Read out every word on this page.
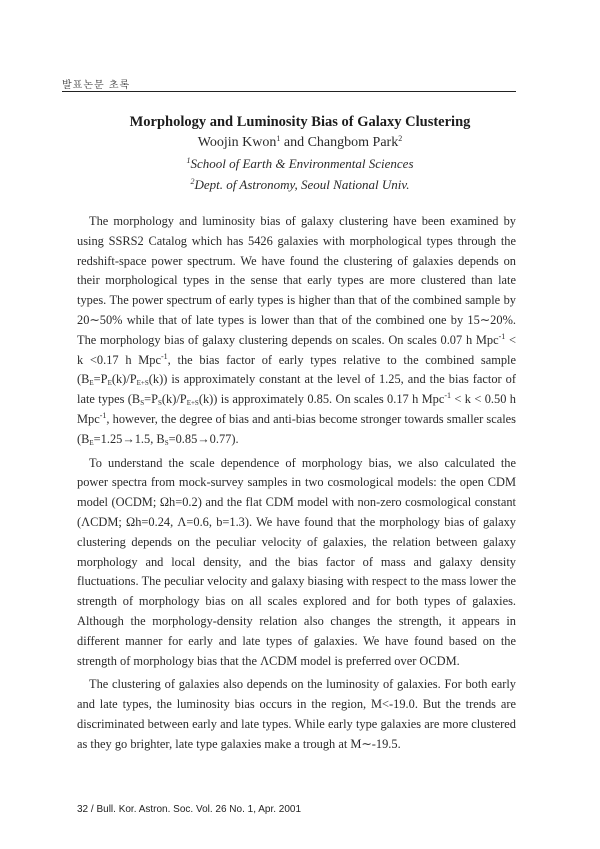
발표논문 초록
Morphology and Luminosity Bias of Galaxy Clustering
Woojin Kwon$^1$ and Changbom Park$^2$
$^1$School of Earth & Environmental Sciences
$^2$Dept. of Astronomy, Seoul National Univ.

The morphology and luminosity bias of galaxy clustering have been examined by using SSRS2 Catalog which has 5426 galaxies with morphological types through the redshift-space power spectrum. We have found the clustering of galaxies depends on their morphological types in the sense that early types are more clustered than late types. The power spectrum of early types is higher than that of the combined sample by 20∼50% while that of late types is lower than that of the combined one by 15∼20%. The morphology bias of galaxy clustering depends on scales. On scales 0.07 h Mpc$^{-1}$ < k <0.17 h Mpc$^{-1}$, the bias factor of early types relative to the combined sample $(B_E=P_E(k)/P_{E+S}(k))$ is approximately constant at the level of 1.25, and the bias factor of late types $(B_S=P_S(k)/P_{E+S}(k))$ is approximately 0.85. On scales 0.17 h Mpc$^{-1}$ < k < 0.50 h Mpc$^{-1}$, however, the degree of bias and anti-bias become stronger towards smaller scales ($B_E=1.25\to 1.5$, $B_S=0.85\to 0.77$).

To understand the scale dependence of morphology bias, we also calculated the power spectra from mock-survey samples in two cosmological models: the open CDM model (OCDM; Ωh=0.2) and the flat CDM model with non-zero cosmological constant (ΛCDM; Ωh=0.24, Λ=0.6, b=1.3). We have found that the morphology bias of galaxy clustering depends on the peculiar velocity of galaxies, the relation between galaxy morphology and local density, and the bias factor of mass and galaxy density fluctuations. The peculiar velocity and galaxy biasing with respect to the mass lower the strength of morphology bias on all scales explored and for both types of galaxies. Although the morphology-density relation also changes the strength, it appears in different manner for early and late types of galaxies. We have found based on the strength of morphology bias that the ΛCDM model is preferred over OCDM.

The clustering of galaxies also depends on the luminosity of galaxies. For both early and late types, the luminosity bias occurs in the region, M<-19.0. But the trends are discriminated between early and late types. While early type galaxies are more clustered as they go brighter, late type galaxies make a trough at M∼-19.5.

32 / Bull. Kor. Astron. Soc. Vol. 26 No. 1, Apr. 2001
